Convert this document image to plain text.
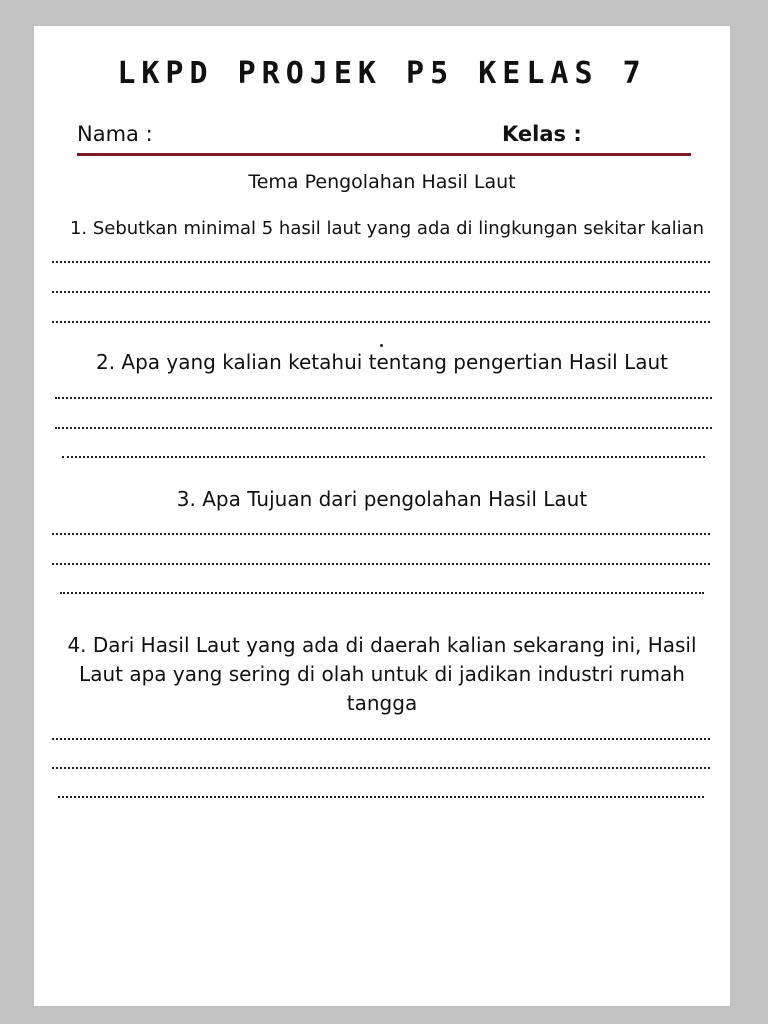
LKPD PROJEK P5 KELAS 7
Nama :	Kelas :
Tema Pengolahan Hasil Laut
1. Sebutkan minimal 5 hasil laut yang ada di lingkungan sekitar kalian
2. Apa yang kalian ketahui tentang pengertian Hasil Laut
3. Apa Tujuan dari pengolahan Hasil Laut
4. Dari Hasil Laut yang ada di daerah kalian sekarang ini, Hasil Laut apa yang sering di olah untuk di jadikan industri rumah tangga
